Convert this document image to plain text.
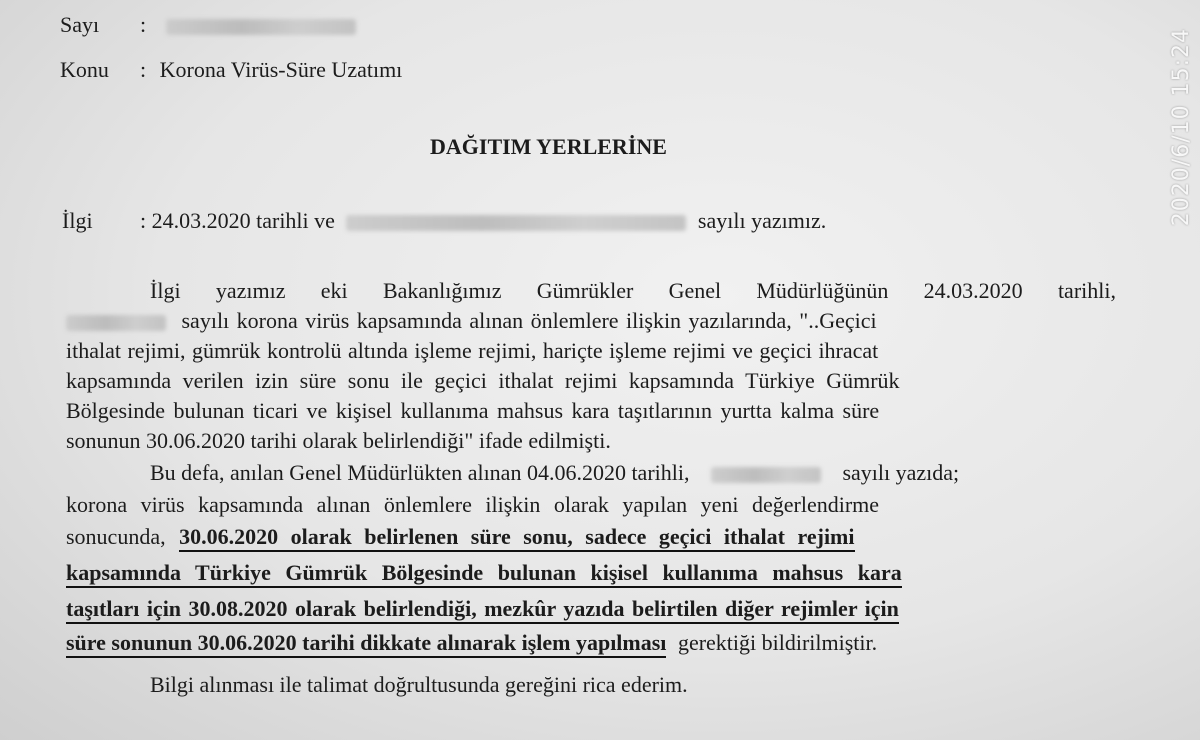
Sayı :
Konu : Korona Virüs-Süre Uzatımı
DAĞITIM YERLERİNE
İlgi : 24.03.2020 tarihli ve	sayılı yazımız.
İlgi yazımız eki Bakanlığımız Gümrükler Genel Müdürlüğünün 24.03.2020 tarihli,
sayılı korona virüs kapsamında alınan önlemlere ilişkin yazılarında, "..Geçici
ithalat rejimi, gümrük kontrolü altında işleme rejimi, hariçte işleme rejimi ve geçici ihracat
kapsamında verilen izin süre sonu ile geçici ithalat rejimi kapsamında Türkiye Gümrük
Bölgesinde bulunan ticari ve kişisel kullanıma mahsus kara taşıtlarının yurtta kalma süre
sonunun 30.06.2020 tarihi olarak belirlendiği" ifade edilmişti.
Bu defa, anılan Genel Müdürlükten alınan 04.06.2020 tarihli,	sayılı yazıda;
korona virüs kapsamında alınan önlemlere ilişkin olarak yapılan yeni değerlendirme
sonucunda, 30.06.2020 olarak belirlenen süre sonu, sadece geçici ithalat rejimi
kapsamında Türkiye Gümrük Bölgesinde bulunan kişisel kullanıma mahsus kara
taşıtları için 30.08.2020 olarak belirlendiği, mezkûr yazıda belirtilen diğer rejimler için
süre sonunun 30.06.2020 tarihi dikkate alınarak işlem yapılması gerektiği bildirilmiştir.
Bilgi alınması ile talimat doğrultusunda gereğini rica ederim.
2020/6/10 15:24
